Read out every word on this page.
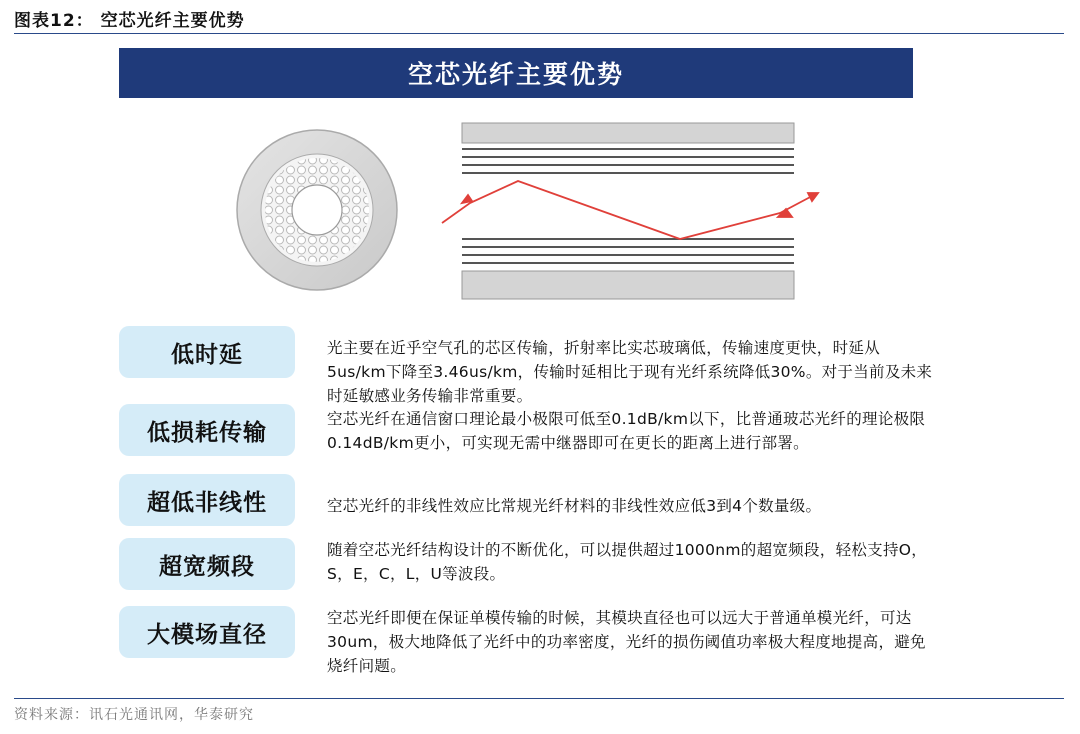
图表12： 空芯光纤主要优势
空芯光纤主要优势
低时延	光主要在近乎空气孔的芯区传输，折射率比实芯玻璃低，传输速度更快，时延从5us/km下降至3.46us/km，传输时延相比于现有光纤系统降低30%。对于当前及未来时延敏感业务传输非常重要。
低损耗传输
空芯光纤在通信窗口理论最小极限可低至0.1dB/km以下，比普通玻芯光纤的理论极限0.14dB/km更小，可实现无需中继器即可在更长的距离上进行部署。
超低非线性	空芯光纤的非线性效应比常规光纤材料的非线性效应低3到4个数量级。
超宽频段
随着空芯光纤结构设计的不断优化，可以提供超过1000nm的超宽频段，轻松支持O，S，E，C，L，U等波段。
大模场直径
空芯光纤即便在保证单模传输的时候，其模块直径也可以远大于普通单模光纤，可达30um，极大地降低了光纤中的功率密度，光纤的损伤阈值功率极大程度地提高，避免烧纤问题。
资料来源：讯石光通讯网，华泰研究
